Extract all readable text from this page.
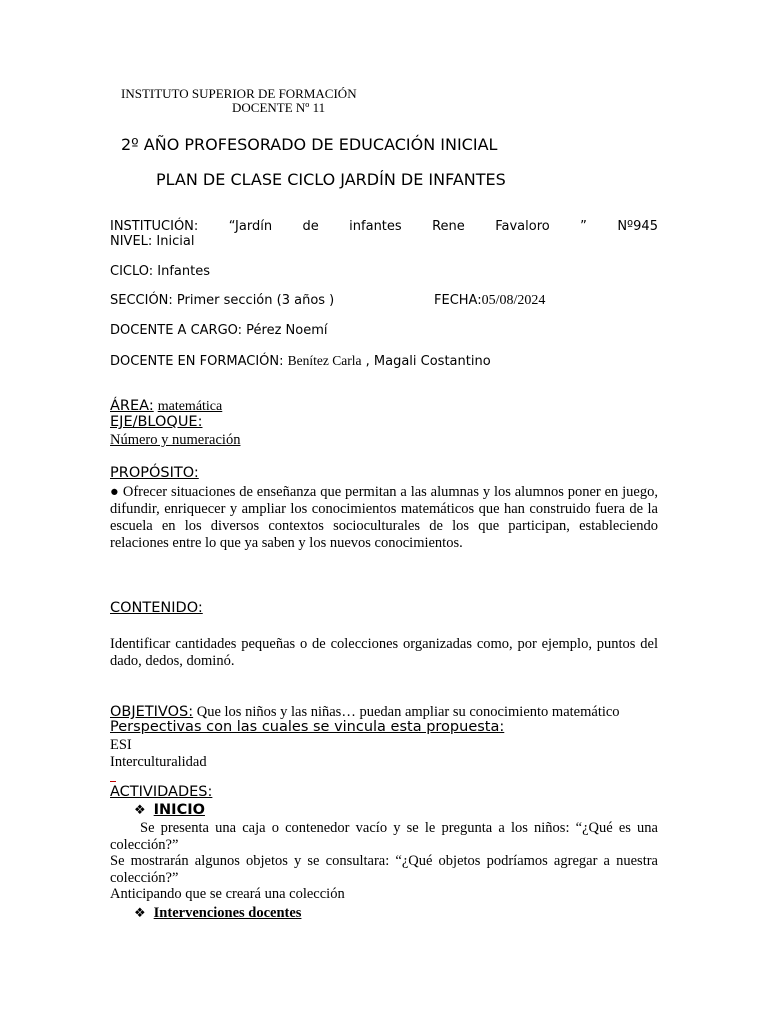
INSTITUTO SUPERIOR DE FORMACIÓN
DOCENTE Nº 11
2º AÑO PROFESORADO DE EDUCACIÓN INICIAL
PLAN DE CLASE CICLO JARDÍN DE INFANTES
INSTITUCIÓN: “Jardín de infantes Rene Favaloro ” Nº945
NIVEL: Inicial
CICLO: Infantes
SECCIÓN: Primer sección (3 años )	FECHA:05/08/2024
DOCENTE A CARGO: Pérez Noemí
DOCENTE EN FORMACIÓN: Benítez Carla , Magali Costantino
ÁREA: matemática
EJE/BLOQUE:
Número y numeración
PROPÓSITO:
● Ofrecer situaciones de enseñanza que permitan a las alumnas y los alumnos poner en juego, difundir, enriquecer y ampliar los conocimientos matemáticos que han construido fuera de la escuela en los diversos contextos socioculturales de los que participan, estableciendo relaciones entre lo que ya saben y los nuevos conocimientos.
CONTENIDO:
Identificar cantidades pequeñas o de colecciones organizadas como, por ejemplo, puntos del dado, dedos, dominó.
OBJETIVOS: Que los niños y las niñas… puedan ampliar su conocimiento matemático
Perspectivas con las cuales se vincula esta propuesta:
ESI
Interculturalidad
ACTIVIDADES:
❖ INICIO
Se presenta una caja o contenedor vacío y se le pregunta a los niños: “¿Qué es una colección?”
Se mostrarán algunos objetos y se consultara: “¿Qué objetos podríamos agregar a nuestra colección?”
Anticipando que se creará una colección
❖ Intervenciones docentes
